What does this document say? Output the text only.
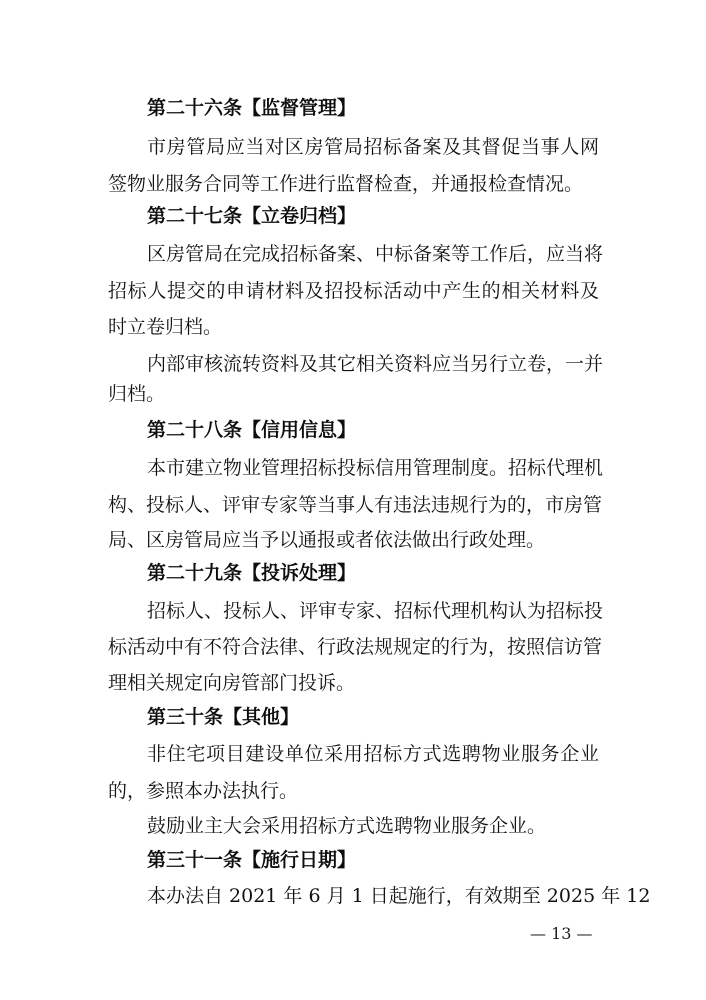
第二十六条【监督管理】

市房管局应当对区房管局招标备案及其督促当事人网

签物业服务合同等工作进行监督检查，并通报检查情况。

第二十七条【立卷归档】

区房管局在完成招标备案、中标备案等工作后，应当将

招标人提交的申请材料及招投标活动中产生的相关材料及

时立卷归档。

内部审核流转资料及其它相关资料应当另行立卷，一并

归档。

第二十八条【信用信息】

本市建立物业管理招标投标信用管理制度。招标代理机

构、投标人、评审专家等当事人有违法违规行为的，市房管

局、区房管局应当予以通报或者依法做出行政处理。

第二十九条【投诉处理】

招标人、投标人、评审专家、招标代理机构认为招标投

标活动中有不符合法律、行政法规规定的行为，按照信访管

理相关规定向房管部门投诉。

第三十条【其他】

非住宅项目建设单位采用招标方式选聘物业服务企业

的，参照本办法执行。

鼓励业主大会采用招标方式选聘物业服务企业。

第三十一条【施行日期】

本办法自 2021 年 6 月 1 日起施行，有效期至 2025 年 12

— 13 —
